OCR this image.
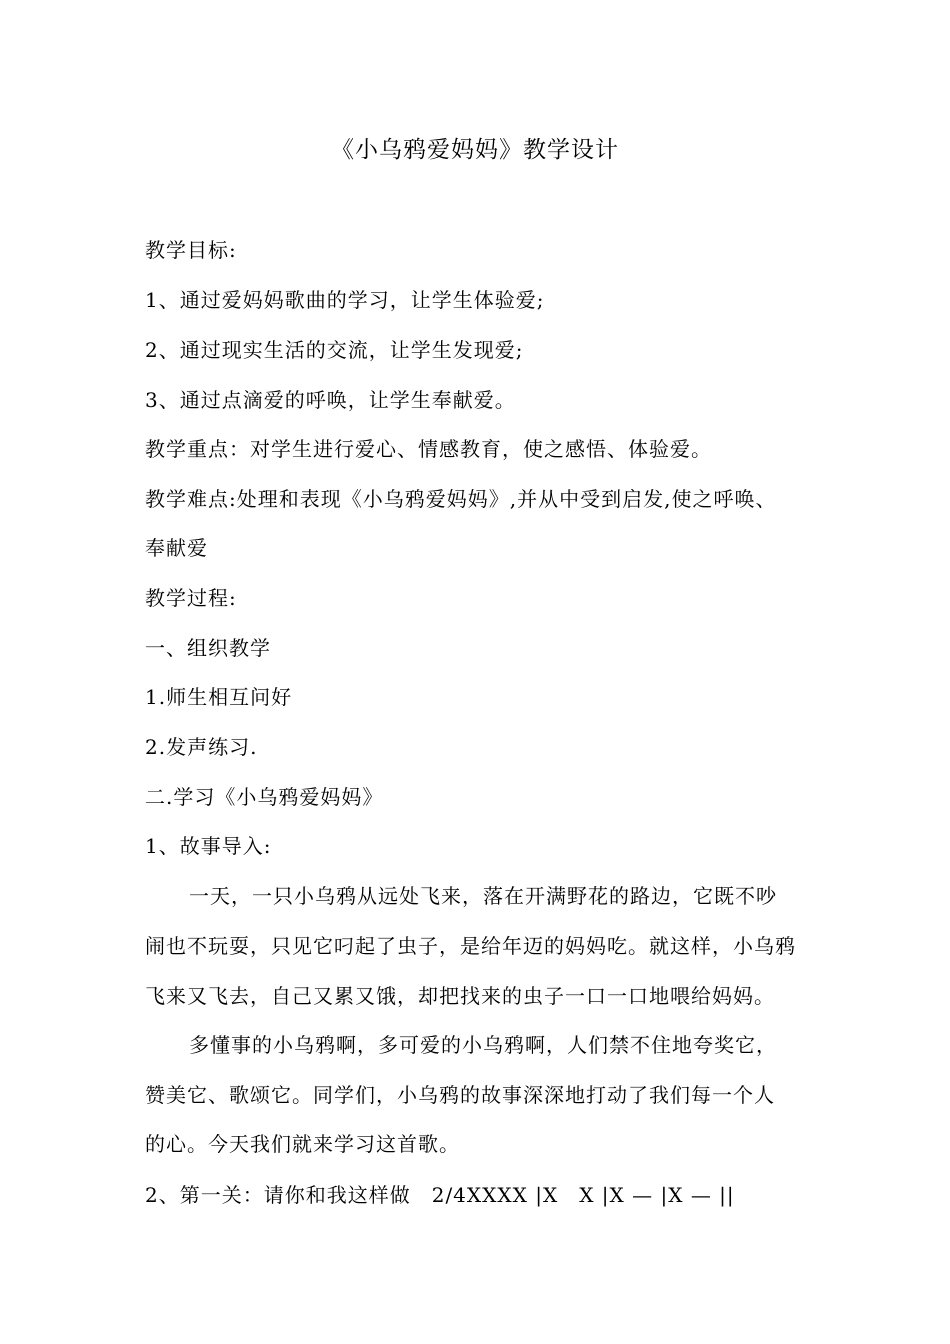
《小乌鸦爱妈妈》教学设计
教学目标:
1、通过爱妈妈歌曲的学习，让学生体验爱;
2、通过现实生活的交流，让学生发现爱;
3、通过点滴爱的呼唤，让学生奉献爱。
教学重点：对学生进行爱心、情感教育，使之感悟、体验爱。
教学难点:处理和表现《小乌鸦爱妈妈》,并从中受到启发,使之呼唤、
奉献爱
教学过程:
一、组织教学
1.师生相互问好
2.发声练习.
二.学习《小乌鸦爱妈妈》
1、故事导入:
一天，一只小乌鸦从远处飞来，落在开满野花的路边，它既不吵
闹也不玩耍，只见它叼起了虫子，是给年迈的妈妈吃。就这样，小乌鸦
飞来又飞去，自己又累又饿，却把找来的虫子一口一口地喂给妈妈。
多懂事的小乌鸦啊，多可爱的小乌鸦啊，人们禁不住地夸奖它，
赞美它、歌颂它。同学们，小乌鸦的故事深深地打动了我们每一个人
的心。今天我们就来学习这首歌。
2、第一关：请你和我这样做　2/4XXXX |X　X |X — |X — ||
